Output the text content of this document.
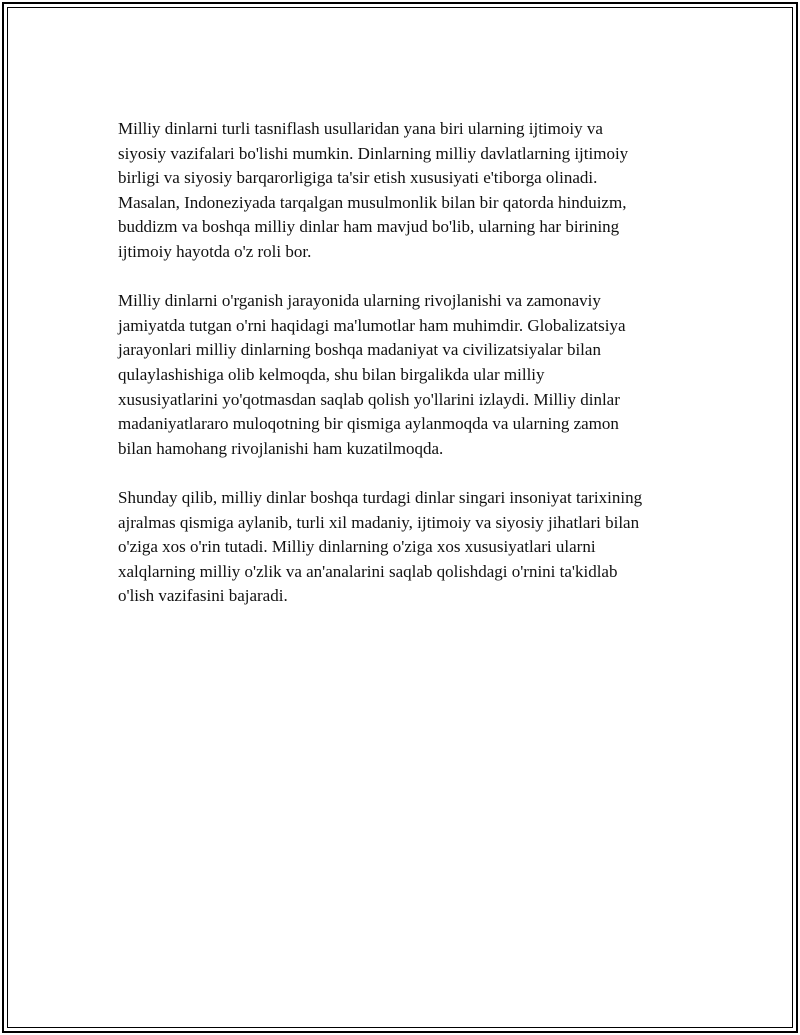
Milliy dinlarni turli tasniflash usullaridan yana biri ularning ijtimoiy va
siyosiy vazifalari bo'lishi mumkin. Dinlarning milliy davlatlarning ijtimoiy
birligi va siyosiy barqarorligiga ta'sir etish xususiyati e'tiborga olinadi.
Masalan, Indoneziyada tarqalgan musulmonlik bilan bir qatorda hinduizm,
buddizm va boshqa milliy dinlar ham mavjud bo'lib, ularning har birining
ijtimoiy hayotda o'z roli bor.

Milliy dinlarni o'rganish jarayonida ularning rivojlanishi va zamonaviy
jamiyatda tutgan o'rni haqidagi ma'lumotlar ham muhimdir. Globalizatsiya
jarayonlari milliy dinlarning boshqa madaniyat va civilizatsiyalar bilan
qulaylashishiga olib kelmoqda, shu bilan birgalikda ular milliy
xususiyatlarini yo'qotmasdan saqlab qolish yo'llarini izlaydi. Milliy dinlar
madaniyatlararo muloqotning bir qismiga aylanmoqda va ularning zamon
bilan hamohang rivojlanishi ham kuzatilmoqda.

Shunday qilib, milliy dinlar boshqa turdagi dinlar singari insoniyat tarixining
ajralmas qismiga aylanib, turli xil madaniy, ijtimoiy va siyosiy jihatlari bilan
o'ziga xos o'rin tutadi. Milliy dinlarning o'ziga xos xususiyatlari ularni
xalqlarning milliy o'zlik va an'analarini saqlab qolishdagi o'rnini ta'kidlab
o'lish vazifasini bajaradi.
